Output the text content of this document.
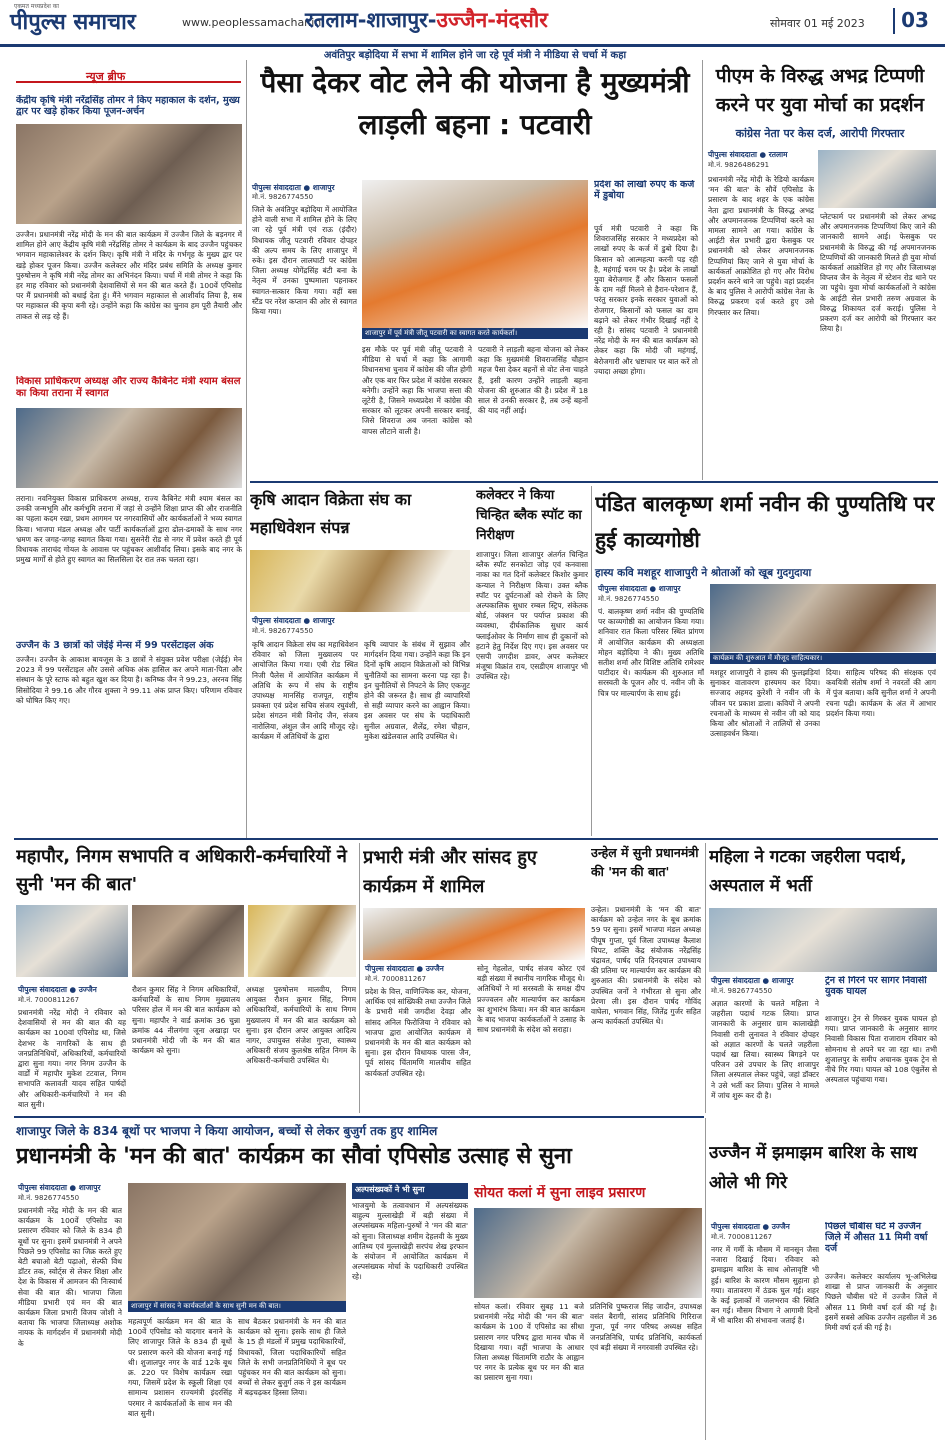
एकमत मध्यप्रदेश का
पीपुल्स समाचार	www.peoplessamachar.in
रतलाम-शाजापुर-उज्जैन-मंदसौर	सोमवार 01 मई 2023	03
न्यूज ब्रीफ
केंद्रीय कृषि मंत्री नरेंद्रसिंह तोमर ने किए महाकाल के दर्शन, मुख्य द्वार पर खड़े होकर किया पूजन-अर्चन
उज्जैन। प्रधानमंत्री नरेंद्र मोदी के मन की बात कार्यक्रम में उज्जैन जिले के बड़नगर में शामिल होने आए केंद्रीय कृषि मंत्री नरेंद्रसिंह तोमर ने कार्यक्रम के बाद उज्जैन पहुंचकर भगवान महाकालेश्वर के दर्शन किए। कृषि मंत्री ने मंदिर के गर्भगृह के मुख्य द्वार पर खड़े होकर पूजन किया। उज्जैन कलेक्टर और मंदिर प्रबंध समिति के अध्यक्ष कुमार पुरुषोत्तम ने कृषि मंत्री नरेंद्र तोमर का अभिनंदन किया। चर्चा में मंत्री तोमर ने कहा कि हर माह रविवार को प्रधानमंत्री देशवासियों से मन की बात करते हैं। 100वें एपिसोड पर मैं प्रधानमंत्री को बधाई देता हूं। मैंने भगवान महाकाल से आशीर्वाद लिया है, सब पर महाकाल की कृपा बनी रहे। उन्होंने कहा कि कांग्रेस का चुनाव हम पूरी तैयारी और ताकत से लड़ रहे हैं।
विकास प्राधिकरण अध्यक्ष और राज्य कैबिनेट मंत्री श्याम बंसल का किया तराना में स्वागत
तराना। नवनियुक्त विकास प्राधिकरण अध्यक्ष, राज्य कैबिनेट मंत्री श्याम बंसल का उनकी जन्मभूमि और कर्मभूमि तराना में जहां से उन्होंने शिक्षा प्राप्त की और राजनीति का पहला कदम रखा, प्रथम आगमन पर नगरवासियों और कार्यकर्ताओं ने भव्य स्वागत किया। भाजपा मंडल अध्यक्ष और पार्टी कार्यकर्ताओं द्वारा ढोल-ढमाकों के साथ नगर भ्रमण कर जगह-जगह स्वागत किया गया। सुसनेरी रोड से नगर में प्रवेश करते ही पूर्व विधायक ताराचंद गोयल के आवास पर पहुंचकर आशीर्वाद लिया। इसके बाद नगर के प्रमुख मार्गों से होते हुए स्वागत का सिलसिला देर रात तक चलता रहा।
उज्जैन के 3 छात्रों को जेईई मेन्स में 99 परसेंटाइल अंक
उज्जैन। उज्जैन के आकाश बायजूस के 3 छात्रों ने संयुक्त प्रवेश परीक्षा (जेईई) मेन 2023 में 99 परसेंटाइल और उससे अधिक अंक हासिल कर अपने माता-पिता और संस्थान के पूरे स्टाफ को बहुत खुश कर दिया है। कनिष्क जैन ने 99.23, अरनव सिंह सिसोदिया ने 99.16 और गौरव शुक्ला ने 99.11 अंक प्राप्त किए। परिणाम रविवार को घोषित किए गए।
अवंतिपुर बड़ोदिया में सभा में शामिल होने जा रहे पूर्व मंत्री ने मीडिया से चर्चा में कहा
पैसा देकर वोट लेने की योजना है मुख्यमंत्री लाड़ली बहना : पटवारी
पीपुल्स संवाददाता ● शाजापुर
मो.नं. 9826774550
जिले के अवंतिपुर बड़ोदिया में आयोजित होने वाली सभा में शामिल होने के लिए जा रहे पूर्व मंत्री एवं राऊ (इंदौर) विधायक जीतू पटवारी रविवार दोपहर की अल्प समय के लिए शाजापुर में रुके। इस दौरान लालघाटी पर कांग्रेस जिला अध्यक्ष योगेंद्रसिंह बंटी बना के नेतृत्व में उनका पुष्पमाला पहनाकर स्वागत-सत्कार किया गया। वहीं बस स्टैंड पर नरेश कप्तान की ओर से स्वागत किया गया।
शाजापुर में पूर्व मंत्री जीतू पटवारी का स्वागत करते कार्यकर्ता।
इस मौके पर पूर्व मंत्री जीतू पटवारी ने मीडिया से चर्चा में कहा कि आगामी विधानसभा चुनाव में कांग्रेस की जीत होगी और एक बार फिर प्रदेश में कांग्रेस सरकार बनेगी। उन्होंने कहा कि भाजपा सत्ता की लूटेरी है, जिसने मध्यप्रदेश में कांग्रेस की सरकार को लूटकर अपनी सरकार बनाई, जिसे शिवराज अब जनता कांग्रेस को वापस लौटाने वाली है।
पटवारी ने लाड़ली बहना योजना को लेकर कहा कि मुख्यमंत्री शिवराजसिंह चौहान महज पैसा देकर बहनों से वोट लेना चाहते हैं, इसी कारण उन्होंने लाड़ली बहना योजना की शुरुआत की है। प्रदेश में 18 साल से उनकी सरकार है, तब उन्हें बहनों की याद नहीं आई।
प्रदेश को लाखों रुपए के कर्ज में डुबोया
पूर्व मंत्री पटवारी ने कहा कि शिवराजसिंह सरकार ने मध्यप्रदेश को लाखों रुपए के कर्ज में डुबो दिया है। किसान को आत्महत्या करनी पड़ रही है, महंगाई चरम पर है। प्रदेश के लाखों युवा बेरोजगार हैं और किसान फसलों के दाम नहीं मिलने से हैरान-परेशान हैं, परंतु सरकार इनके सरकार युवाओं को रोजगार, किसानों को फसल का दाम बढ़ाने को लेकर गंभीर दिखाई नहीं दे रही है। सांसद पटवारी ने प्रधानमंत्री नरेंद्र मोदी के मन की बात कार्यक्रम को लेकर कहा कि मोदी जी महंगाई, बेरोजगारी और भ्रष्टाचार पर बात करें तो ज्यादा अच्छा होगा।
पीएम के विरुद्ध अभद्र टिप्पणी करने पर युवा मोर्चा का प्रदर्शन
कांग्रेस नेता पर केस दर्ज, आरोपी गिरफ्तार
पीपुल्स संवाददाता ● रतलाम
मो.नं. 9826486291
प्रधानमंत्री नरेंद्र मोदी के रेडियो कार्यक्रम 'मन की बात' के सौवें एपिसोड के प्रसारण के बाद शहर के एक कांग्रेस नेता द्वारा प्रधानमंत्री के विरुद्ध अभद्र और अपमानजनक टिप्पणियां करने का मामला सामने आ गया। कांग्रेस के आईटी सेल प्रभारी द्वारा फेसबुक पर प्रधानमंत्री को लेकर अपमानजनक टिप्पणियां किए जाने से युवा मोर्चा के कार्यकर्ता आक्रोशित हो गए और विरोध प्रदर्शन करने थाने जा पहुंचे। वहां प्रदर्शन के बाद पुलिस ने आरोपी कांग्रेस नेता के विरुद्ध प्रकरण दर्ज करते हुए उसे गिरफ्तार कर लिया।
प्लेटफार्म पर प्रधानमंत्री को लेकर अभद्र और अपमानजनक टिप्पणियां किए जाने की जानकारी सामने आई। फेसबुक पर प्रधानमंत्री के विरुद्ध की गई अपमानजनक टिप्पणियों की जानकारी मिलते ही युवा मोर्चा कार्यकर्ता आक्रोशित हो गए और जिलाध्यक्ष विप्लव जैन के नेतृत्व में स्टेशन रोड थाने पर जा पहुंचे। युवा मोर्चा कार्यकर्ताओं ने कांग्रेस के आईटी सेल प्रभारी तरुण अग्रवाल के विरुद्ध शिकायत दर्ज कराई। पुलिस ने प्रकरण दर्ज कर आरोपी को गिरफ्तार कर लिया है।
कृषि आदान विक्रेता संघ का महाधिवेशन संपन्न
पीपुल्स संवाददाता ● शाजापुर
मो.नं. 9826774550
कृषि आदान विक्रेता संघ का महाधिवेशन रविवार को जिला मुख्यालय पर आयोजित किया गया। एबी रोड स्थित निजी पैलेस में आयोजित कार्यक्रम में अतिथि के रूप में संघ के राष्ट्रीय उपाध्यक्ष मानसिंह राजपूत, राष्ट्रीय प्रवक्ता एवं प्रदेश सचिव संजय रघुवंशी, प्रदेश संगठन मंत्री विनोद जैन, संजय नारोलिया, अंशुल जैन आदि मौजूद रहे। कार्यक्रम में अतिथियों के द्वारा
कृषि व्यापार के संबंध में सुझाव और मार्गदर्शन दिया गया। उन्होंने कहा कि इन दिनों कृषि आदान विक्रेताओं को विभिन्न चुनौतियों का सामना करना पड़ रहा है। इन चुनौतियों से निपटने के लिए एकजुट होने की जरूरत है। साथ ही व्यापारियों से सही व्यापार करने का आह्वान किया। इस अवसर पर संघ के पदाधिकारी सुनील अग्रवाल, शैलेंद्र, रमेश चौहान, मुकेश खंडेलवाल आदि उपस्थित थे।
कलेक्टर ने किया चिन्हित ब्लैक स्पॉट का निरीक्षण
शाजापुर। जिला शाजापुर अंतर्गत चिन्हित ब्लैक स्पॉट सनकोटा जोड़ एवं कनवासा नाका का गत दिनों कलेक्टर किशोर कुमार कन्याल ने निरीक्षण किया। उक्त ब्लैक स्पॉट पर दुर्घटनाओं को रोकने के लिए अल्पकालिक सुधार रम्बल स्ट्रिप, संकेतक बोर्ड, जंक्शन पर पर्याप्त प्रकाश की व्यवस्था, दीर्घकालिक सुधार कार्य फ्लाईओवर के निर्माण साथ ही दुकानों को हटाने हेतु निर्देश दिए गए। इस अवसर पर एसपी जगदीश डावर, अपर कलेक्टर मंजूषा विक्रांत राय, एसडीएम शाजापुर भी उपस्थित रहे।
पंडित बालकृष्ण शर्मा नवीन की पुण्यतिथि पर हुई काव्यगोष्ठी
हास्य कवि मशहूर शाजापुरी ने श्रोताओं को खूब गुदगुदाया
पीपुल्स संवाददाता ● शाजापुर
मो.नं. 9826774550
पं. बालकृष्ण शर्मा नवीन की पुण्यतिथि पर काव्यगोष्ठी का आयोजन किया गया। शनिवार रात किला परिसर स्थित प्रांगण में आयोजित कार्यक्रम की अध्यक्षता मोहन बड़ोदिया ने की। मुख्य अतिथि सतीश शर्मा और विशिष्ट अतिथि रामेश्वर पाटीदार थे। कार्यक्रम की शुरुआत माँ सरस्वती के पूजन और पं. नवीन जी के चित्र पर माल्यार्पण के साथ हुई।
कार्यक्रम की शुरुआत में मौजूद साहित्यकार।
मशहूर शाजापुरी ने हास्य की फुलझड़ियां सुनाकर वातावरण हास्यमय कर दिया। सज्जाद अहमद कुरेशी ने नवीन जी के जीवन पर प्रकाश डाला। कवियों ने अपनी रचनाओं के माध्यम से नवीन जी को याद किया और श्रोताओं ने तालियों से उनका उत्साहवर्धन किया।
दिया। साहित्य परिषद की संरक्षक एवं कवयित्री संतोष शर्मा ने नवरतों की आग में पुंज बताया। कवि सुनील शर्मा ने अपनी रचना पढ़ी। कार्यक्रम के अंत में आभार प्रदर्शन किया गया।
महापौर, निगम सभापति व अधिकारी-कर्मचारियों ने सुनी 'मन की बात'
पीपुल्स संवाददाता ● उज्जैन
मो.नं. 7000811267
प्रधानमंत्री नरेंद्र मोदी ने रविवार को देशवासियों से मन की बात की यह कार्यक्रम का 100वां एपिसोड था, जिसे देशभर के नागरिकों के साथ ही जनप्रतिनिधियों, अधिकारियों, कर्मचारियों द्वारा सुना गया। नगर निगम उज्जैन के वार्डों में महापौर मुकेश टटवाल, निगम सभापति कलावती यादव सहित पार्षदों और अधिकारी-कर्मचारियों ने मन की बात सुनी।
रौशन कुमार सिंह ने निगम अधिकारियों, कर्मचारियों के साथ निगम मुख्यालय परिसर होल में मन की बात कार्यक्रम को सुना। महापौर ने वार्ड क्रमांक 36 चुन्ना क्रमांक 44 नीलगंगा जूना अखाड़ा पर प्रधानमंत्री मोदी जी के मन की बात कार्यक्रम को सुना।
अध्यक्ष पुरुषोत्तम मालवीय, निगम आयुक्त रौशन कुमार सिंह, निगम अधिकारियों, कर्मचारियों के साथ निगम मुख्यालय में मन की बात कार्यक्रम को सुना। इस दौरान अपर आयुक्त आदित्य नागर, उपायुक्त संजेश गुप्ता, स्वास्थ्य अधिकारी संजय कुलश्रेष्ठ सहित निगम के अधिकारी-कर्मचारी उपस्थित थे।
प्रभारी मंत्री और सांसद हुए कार्यक्रम में शामिल
पीपुल्स संवाददाता ● उज्जैन
मो.नं. 7000811267
प्रदेश के वित्त, वाणिज्यिक कर, योजना, आर्थिक एवं सांख्यिकी तथा उज्जैन जिले के प्रभारी मंत्री जगदीश देवड़ा और सांसद अनिल फिरोजिया ने रविवार को भाजपा द्वारा आयोजित कार्यक्रम में प्रधानमंत्री के मन की बात कार्यक्रम को सुना। इस दौरान विधायक पारस जैन, पूर्व सांसद चिंतामणि मालवीय सहित कार्यकर्ता उपस्थित रहे।
सोनू गेहलोत, पार्षद संजय कोरट एवं बड़ी संख्या में स्थानीय नागरिक मौजूद थे। अतिथियों ने मां सरस्वती के समक्ष दीप प्रज्ज्वलन और माल्यार्पण कर कार्यक्रम का शुभारंभ किया। मन की बात कार्यक्रम के बाद भाजपा कार्यकर्ताओं ने उत्साह के साथ प्रधानमंत्री के संदेश को सराहा।
उन्हेल में सुनी प्रधानमंत्री की 'मन की बात'
उन्हेल। प्रधानमंत्री के 'मन की बात' कार्यक्रम को उन्हेल नगर के बूथ क्रमांक 59 पर सुना। इसमें भाजपा मंडल अध्यक्ष पीयूष गुप्ता, पूर्व जिला उपाध्यक्ष कैलाश चिपट, शक्ति केंद्र संयोजक नरेंद्रसिंह चंद्रावत, पार्षद पति दिनदयाल उपाध्याय की प्रतिमा पर माल्यार्पण कर कार्यक्रम की शुरुआत की। प्रधानमंत्री के संदेश को उपस्थित जनों ने गंभीरता से सुना और प्रेरणा ली। इस दौरान पार्षद गोविंद वाघेला, भगवान सिंह, जितेंद्र गुर्जर सहित अन्य कार्यकर्ता उपस्थित थे।
महिला ने गटका जहरीला पदार्थ, अस्पताल में भर्ती
पीपुल्स संवाददाता ● शाजापुर
मो.नं. 9826774550
अज्ञात कारणों के चलते महिला ने जहरीला पदार्थ गटक लिया। प्राप्त जानकारी के अनुसार ग्राम कालाखेड़ी निवासी रानी लुनावत ने रविवार दोपहर को अज्ञात कारणों के चलते जहरीला पदार्थ खा लिया। स्वास्थ्य बिगड़ने पर परिजन उसे उपचार के लिए शाजापुर जिला अस्पताल लेकर पहुंचे, जहां डॉक्टर ने उसे भर्ती कर लिया। पुलिस ने मामले में जांच शुरू कर दी है।
ट्रेन से गिरने पर सागर निवासी युवक घायल
शाजापुर। ट्रेन से गिरकर युवक घायल हो गया। प्राप्त जानकारी के अनुसार सागर निवासी विकास पिता राजाराम रविवार को सोमनाथ से अपने घर जा रहा था। तभी शुजालपुर के समीप अचानक युवक ट्रेन से नीचे गिर गया। घायल को 108 एंबुलेंस से अस्पताल पहुंचाया गया।
शाजापुर जिले के 834 बूथों पर भाजपा ने किया आयोजन, बच्चों से लेकर बुजुर्ग तक हुए शामिल
प्रधानमंत्री के 'मन की बात' कार्यक्रम का सौवां एपिसोड उत्साह से सुना
पीपुल्स संवाददाता ● शाजापुर
मो.नं. 9826774550
प्रधानमंत्री नरेंद्र मोदी के मन की बात कार्यक्रम के 100वें एपिसोड का प्रसारण रविवार को जिले के 834 ही बूथों पर सुना। इसमें प्रधानमंत्री ने अपने पिछले 99 एपिसोड का जिक्र करते हुए बेटी बचाओ बेटी पढ़ाओ, सेल्फी विथ डॉटर तक, स्वोर्ट्स से लेकर शिक्षा और देश के विकास में आमजन की निःस्वार्थ सेवा की बात की। भाजपा जिला मीडिया प्रभारी एवं मन की बात कार्यक्रम जिला प्रभारी विजय जोशी ने बताया कि भाजपा जिलाध्यक्ष अशोक नायक के मार्गदर्शन में प्रधानमंत्री मोदी के
शाजापुर में सांसद ने कार्यकर्ताओं के साथ सुनी मन की बात।
महत्वपूर्ण कार्यक्रम मन की बात के 100वें एपिसोड को यादगार बनाने के लिए शाजापुर जिले के 834 ही बूथों पर प्रसारण करने की योजना बनाई गई थी। शुजालपुर नगर के वार्ड 12के बूथ क्र. 220 पर विशेष कार्यक्रम रखा गया, जिसमें प्रदेश के स्कूली शिक्षा एवं सामान्य प्रशासन राज्यमंत्री इंदरसिंह परमार ने कार्यकर्ताओं के साथ मन की बात सुनी।
साथ बैठकर प्रधानमंत्री के मन की बात कार्यक्रम को सुना। इसके साथ ही जिले के 15 ही मंडलों में प्रमुख पदाधिकारियों, विधायकों, जिला पदाधिकारियों सहित जिले के सभी जनप्रतिनिधियों ने बूथ पर पहुंचकर मन की बात कार्यक्रम को सुना। बच्चों से लेकर बुजुर्ग तक ने इस कार्यक्रम में बढ़चढ़कर हिस्सा लिया।
अल्पसंख्यकों ने भी सुना
भाजयुमो के तत्वावधान में अल्पसंख्यक बाहुल्य मुल्लाखेड़ी में बड़ी संख्या में अल्पसंख्यक महिला-पुरुषों ने 'मन की बात' को सुना। जिलाध्यक्ष शमीम देहलवी के मुख्य आतिथ्य एवं मुल्लाखेड़ी सरपंच शेख इरफान के संयोजन में आयोजित कार्यक्रम में अल्पसंख्यक मोर्चा के पदाधिकारी उपस्थित रहे।
सोयत कलां में सुना लाइव प्रसारण
सोयत कलां। रविवार सुबह 11 बजे प्रधानमंत्री नरेंद्र मोदी की 'मन की बात' कार्यक्रम के 100 वें एपिसोड का सीधा प्रसारण नगर परिषद द्वारा मानव चौक में दिखाया गया। वहीं भाजपा के आधार जिला अध्यक्ष चिंतामणि राठौर के आह्वान पर नगर के प्रत्येक बूथ पर मन की बात का प्रसारण सुना गया।
प्रतिनिधि पुष्कराज सिंह जादौन, उपाध्यक्ष वसंत बैरागी, सांसद प्रतिनिधि गिरिराज गुप्ता, पूर्व नगर परिषद अध्यक्ष सहित जनप्रतिनिधि, पार्षद प्रतिनिधि, कार्यकर्ता एवं बड़ी संख्या में नगरवासी उपस्थित रहे।
उज्जैन में झमाझम बारिश के साथ ओले भी गिरे
पीपुल्स संवाददाता ● उज्जैन
मो.नं. 7000811267
नगर में गर्मी के मौसम में मानसून जैसा नजारा दिखाई दिया। रविवार को झमाझम बारिश के साथ ओलावृष्टि भी हुई। बारिश के कारण मौसम सुहाना हो गया। वातावरण में ठंडक घुल गई। शहर के कई इलाकों में जलभराव की स्थिति बन गई। मौसम विभाग ने आगामी दिनों में भी बारिश की संभावना जताई है।
पिछले चौबीस घंटे में उज्जैन जिले में औसत 11 मिमी वर्षा दर्ज
उज्जैन। कलेक्टर कार्यालय भू-अभिलेख शाखा से प्राप्त जानकारी के अनुसार पिछले चौबीस घंटे में उज्जैन जिले में औसत 11 मिमी वर्षा दर्ज की गई है। इसमें सबसे अधिक उज्जैन तहसील में 36 मिमी वर्षा दर्ज की गई है।
